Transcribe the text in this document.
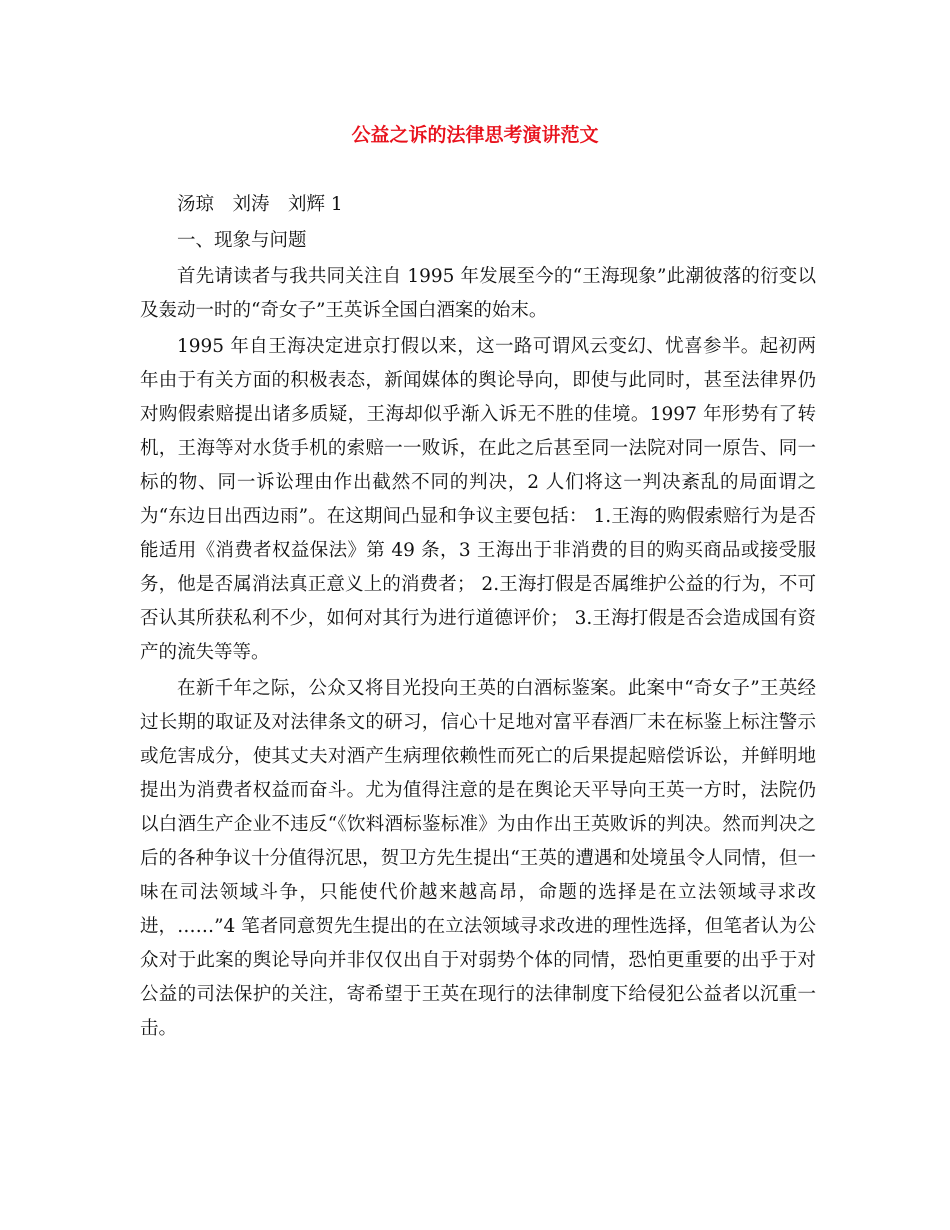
公益之诉的法律思考演讲范文

汤琼　刘涛　刘辉 1

一、现象与问题

首先请读者与我共同关注自 1995 年发展至今的“王海现象”此潮彼落的衍变以及轰动一时的“奇女子”王英诉全国白酒案的始末。

1995 年自王海决定进京打假以来，这一路可谓风云变幻、忧喜参半。起初两年由于有关方面的积极表态，新闻媒体的舆论导向，即使与此同时，甚至法律界仍对购假索赔提出诸多质疑，王海却似乎渐入诉无不胜的佳境。1997 年形势有了转机，王海等对水货手机的索赔一一败诉，在此之后甚至同一法院对同一原告、同一标的物、同一诉讼理由作出截然不同的判决，2 人们将这一判决紊乱的局面谓之为“东边日出西边雨”。在这期间凸显和争议主要包括： 1.王海的购假索赔行为是否能适用《消费者权益保法》第 49 条，3 王海出于非消费的目的购买商品或接受服务，他是否属消法真正意义上的消费者； 2.王海打假是否属维护公益的行为，不可否认其所获私利不少，如何对其行为进行道德评价； 3.王海打假是否会造成国有资产的流失等等。

在新千年之际，公众又将目光投向王英的白酒标鉴案。此案中“奇女子”王英经过长期的取证及对法律条文的研习，信心十足地对富平春酒厂未在标鉴上标注警示或危害成分，使其丈夫对酒产生病理依赖性而死亡的后果提起赔偿诉讼，并鲜明地提出为消费者权益而奋斗。尤为值得注意的是在舆论天平导向王英一方时，法院仍以白酒生产企业不违反“《饮料酒标鉴标准》为由作出王英败诉的判决。然而判决之后的各种争议十分值得沉思，贺卫方先生提出“王英的遭遇和处境虽令人同情，但一味在司法领域斗争，只能使代价越来越高昂，命题的选择是在立法领域寻求改进，……”4 笔者同意贺先生提出的在立法领域寻求改进的理性选择，但笔者认为公众对于此案的舆论导向并非仅仅出自于对弱势个体的同情，恐怕更重要的出乎于对公益的司法保护的关注，寄希望于王英在现行的法律制度下给侵犯公益者以沉重一击。
